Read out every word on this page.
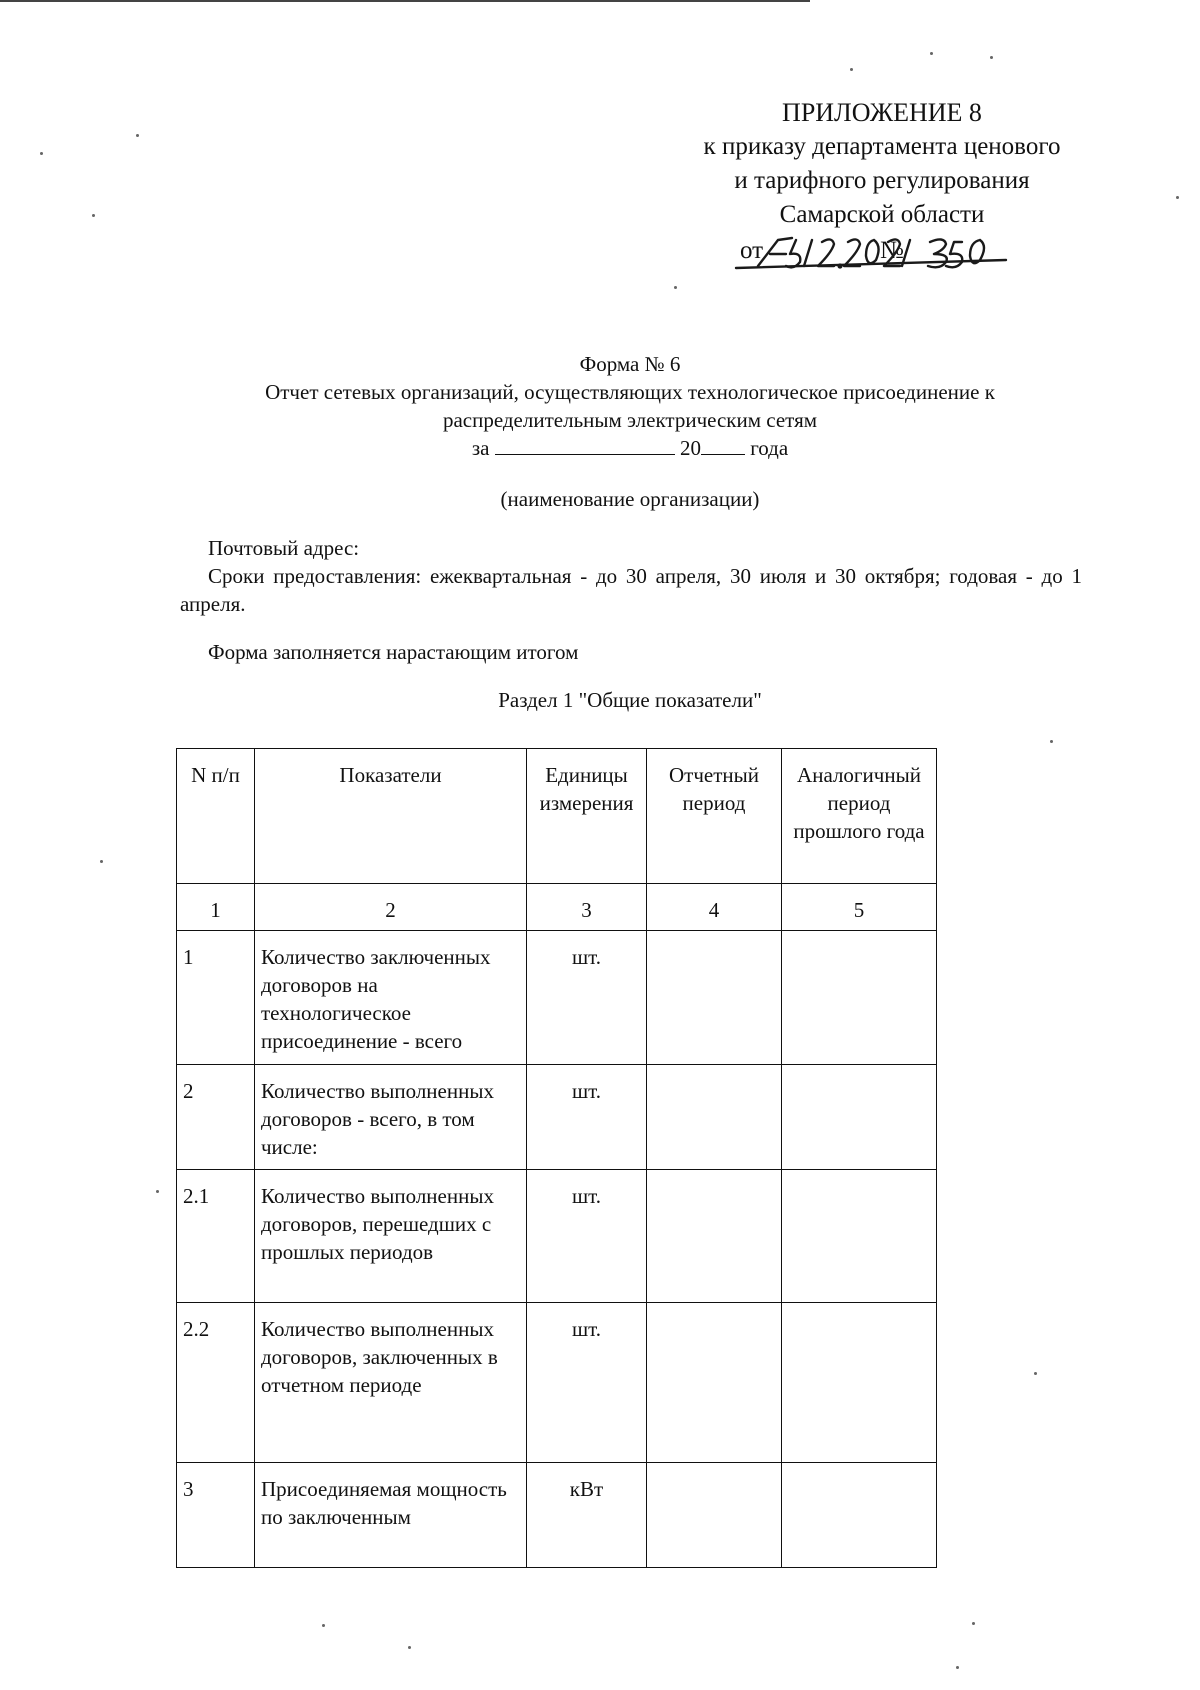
ПРИЛОЖЕНИЕ 8
к приказу департамента ценового
и тарифного регулирования
Самарской области
от	№
Форма № 6
Отчет сетевых организаций, осуществляющих технологическое присоединение к
распределительным электрическим сетям
за	20 года
(наименование организации)
Почтовый адрес:
Сроки предоставления: ежеквартальная - до 30 апреля, 30 июля и 30 октября; годовая - до 1 апреля.
Форма заполняется нарастающим итогом
Раздел 1 "Общие показатели"
N п/п	Показатели	Единицы измерения	Отчетный период	Аналогичный период прошлого года
1	2	3	4	5
1	Количество заключенных договоров на технологическое присоединение - всего	шт.		
2	Количество выполненных договоров - всего, в том числе:	шт.		
2.1	Количество выполненных договоров, перешедших с прошлых периодов	шт.		
2.2	Количество выполненных договоров, заключенных в отчетном периоде	шт.		
3	Присоединяемая мощность по заключенным	кВт		
